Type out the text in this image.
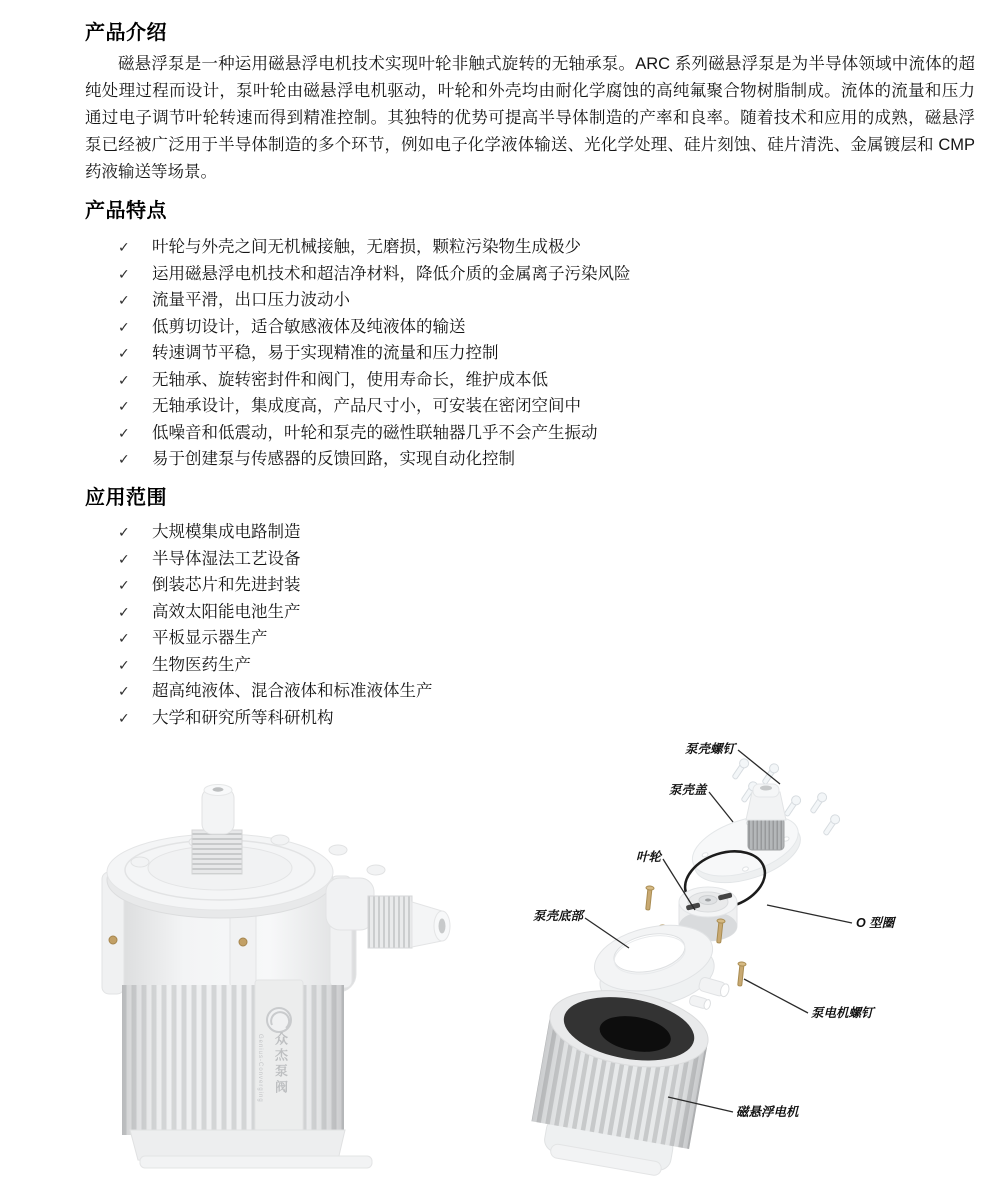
产品介绍

磁悬浮泵是一种运用磁悬浮电机技术实现叶轮非触式旋转的无轴承泵。ARC 系列磁悬浮泵是为半导体领域中流体的超纯处理过程而设计，泵叶轮由磁悬浮电机驱动，叶轮和外壳均由耐化学腐蚀的高纯氟聚合物树脂制成。流体的流量和压力通过电子调节叶轮转速而得到精准控制。其独特的优势可提高半导体制造的产率和良率。随着技术和应用的成熟，磁悬浮泵已经被广泛用于半导体制造的多个环节，例如电子化学液体输送、光化学处理、硅片刻蚀、硅片清洗、金属镀层和 CMP 药液输送等场景。

产品特点
✓ 叶轮与外壳之间无机械接触，无磨损，颗粒污染物生成极少
✓ 运用磁悬浮电机技术和超洁净材料，降低介质的金属离子污染风险
✓ 流量平滑，出口压力波动小
✓ 低剪切设计，适合敏感液体及纯液体的输送
✓ 转速调节平稳，易于实现精准的流量和压力控制
✓ 无轴承、旋转密封件和阀门，使用寿命长，维护成本低
✓ 无轴承设计，集成度高，产品尺寸小，可安装在密闭空间中
✓ 低噪音和低震动，叶轮和泵壳的磁性联轴器几乎不会产生振动
✓ 易于创建泵与传感器的反馈回路，实现自动化控制
应用范围
✓ 大规模集成电路制造
✓ 半导体湿法工艺设备
✓ 倒装芯片和先进封装
✓ 高效太阳能电池生产
✓ 平板显示器生产
✓ 生物医药生产
✓ 超高纯液体、混合液体和标准液体生产
✓ 大学和研究所等科研机构
Genius-Converging 众杰泵阀
泵壳螺钉
泵壳盖
叶轮
泵壳底部	O 型圈
泵电机螺钉
磁悬浮电机
